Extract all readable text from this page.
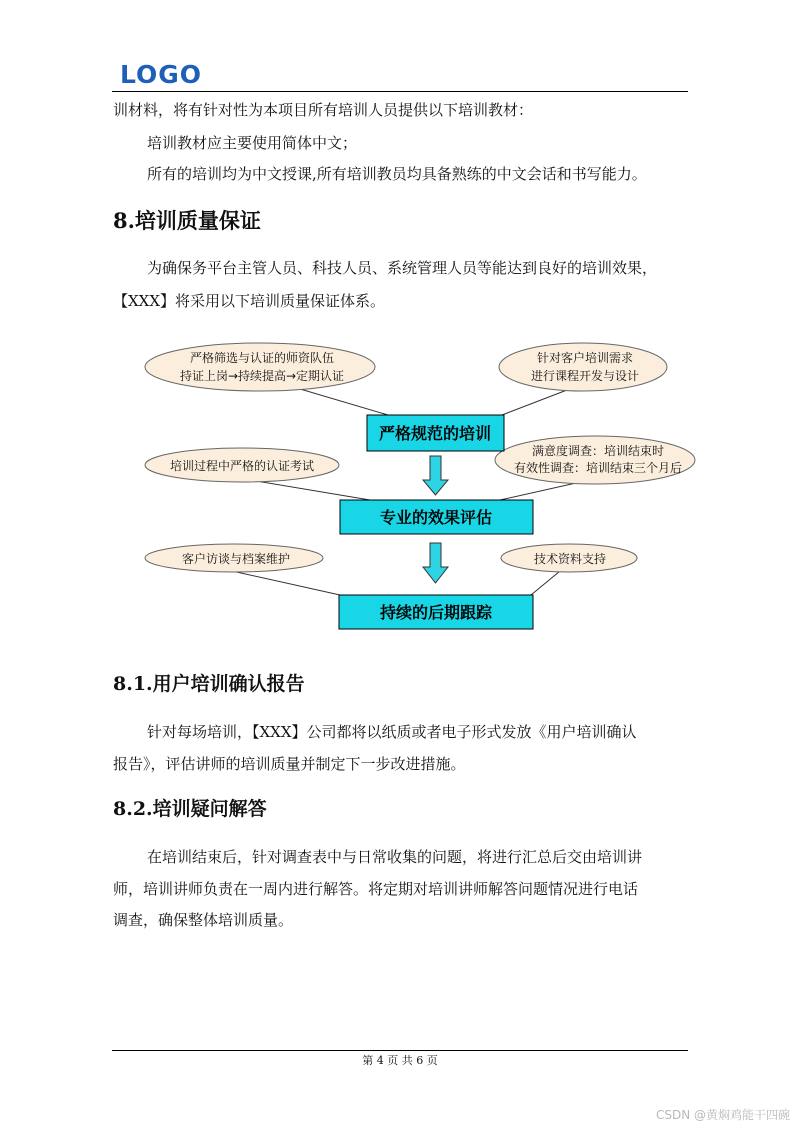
LOGO
训材料，将有针对性为本项目所有培训人员提供以下培训教材：
培训教材应主要使用简体中文；
所有的培训均为中文授课,所有培训教员均具备熟练的中文会话和书写能力。
8.培训质量保证
为确保务平台主管人员、科技人员、系统管理人员等能达到良好的培训效果，
【XXX】将采用以下培训质量保证体系。
严格筛选与认证的师资队伍
持证上岗→持续提高→定期认证
针对客户培训需求
进行课程开发与设计
培训过程中严格的认证考试
满意度调查：培训结束时
有效性调查：培训结束三个月后
客户访谈与档案维护	技术资料支持
严格规范的培训
专业的效果评估
持续的后期跟踪
8.1.用户培训确认报告
针对每场培训，【XXX】公司都将以纸质或者电子形式发放《用户培训确认
报告》，评估讲师的培训质量并制定下一步改进措施。
8.2.培训疑问解答
在培训结束后，针对调查表中与日常收集的问题，将进行汇总后交由培训讲
师，培训讲师负责在一周内进行解答。将定期对培训讲师解答问题情况进行电话
调查，确保整体培训质量。
第 4 页 共 6 页
CSDN @黄焖鸡能干四碗
